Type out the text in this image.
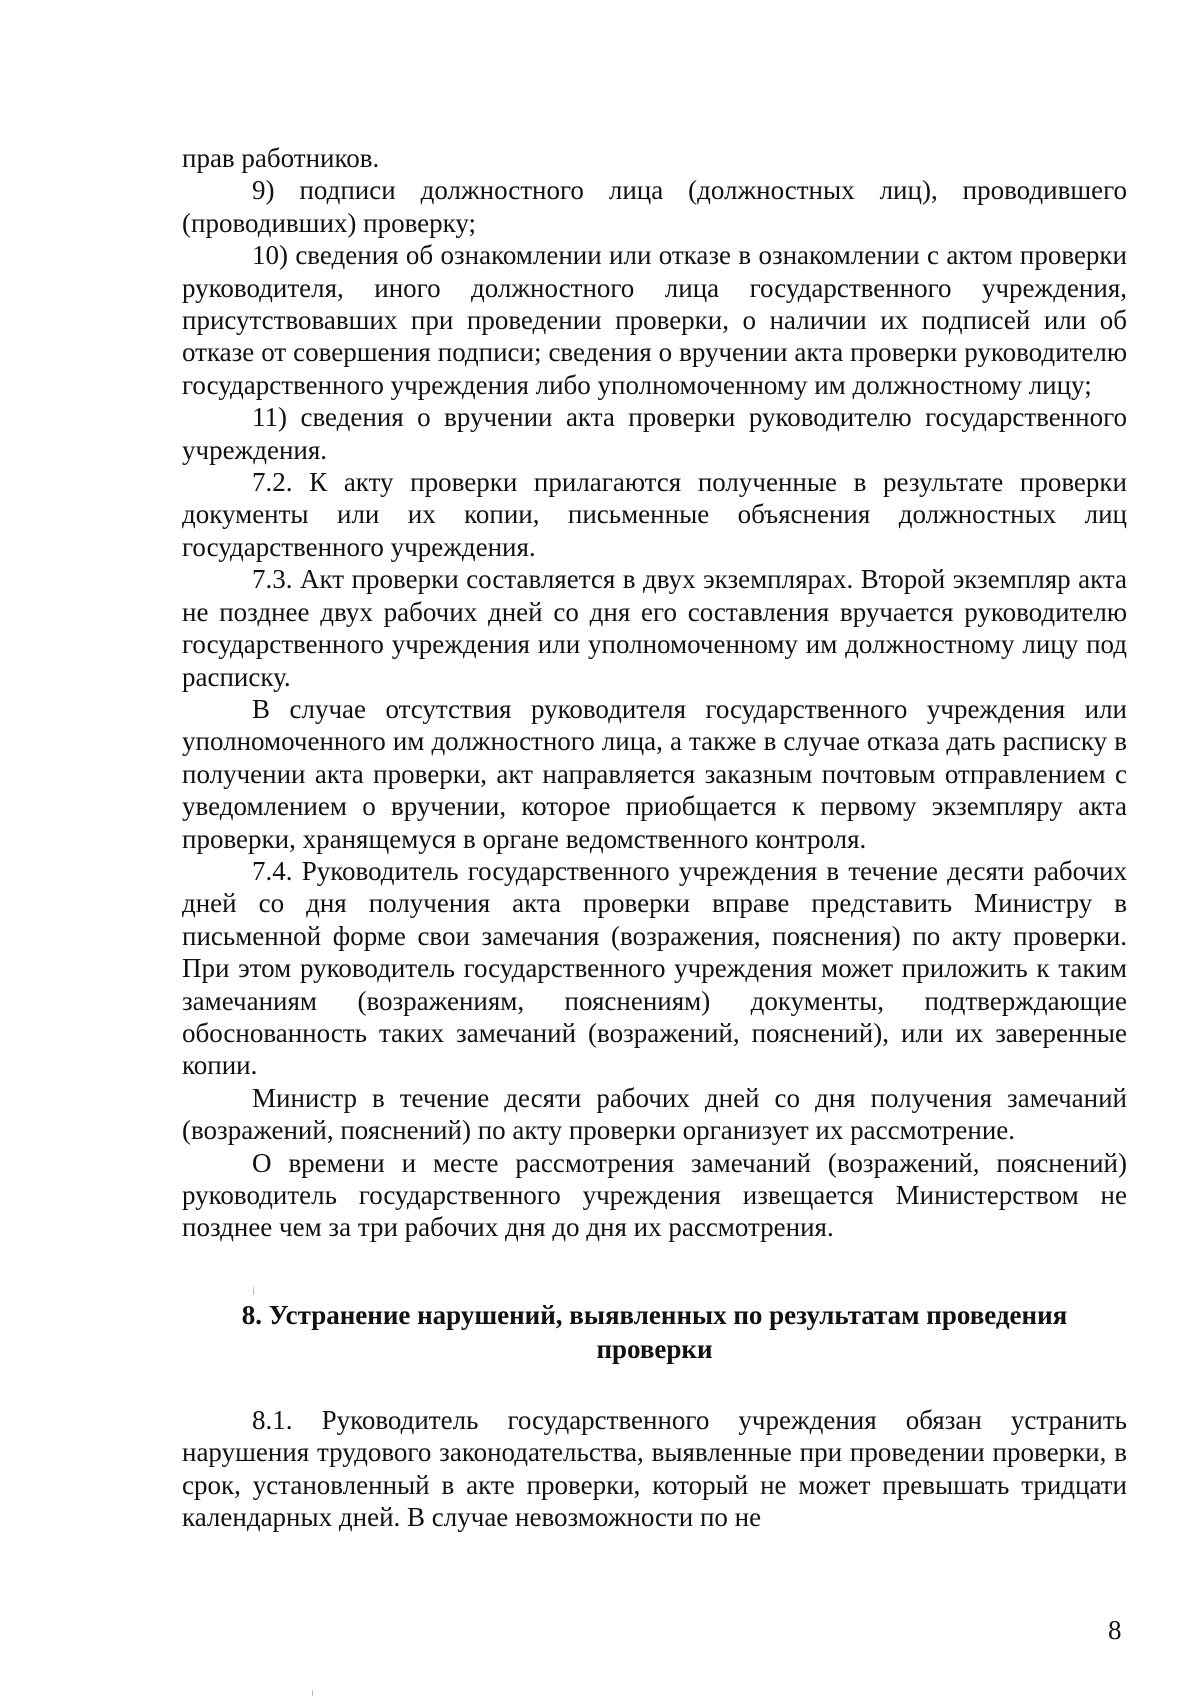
прав работников.

9) подписи должностного лица (должностных лиц), проводившего (проводивших) проверку;

10) сведения об ознакомлении или отказе в ознакомлении с актом проверки руководителя, иного должностного лица государственного учреждения, присутствовавших при проведении проверки, о наличии их подписей или об отказе от совершения подписи; сведения о вручении акта проверки руководителю государственного учреждения либо уполномоченному им должностному лицу;

11) сведения о вручении акта проверки руководителю государственного учреждения.

7.2. К акту проверки прилагаются полученные в результате проверки документы или их копии, письменные объяснения должностных лиц государственного учреждения.

7.3. Акт проверки составляется в двух экземплярах. Второй экземпляр акта не позднее двух рабочих дней со дня его составления вручается руководителю государственного учреждения или уполномоченному им должностному лицу под расписку.

В случае отсутствия руководителя государственного учреждения или уполномоченного им должностного лица, а также в случае отказа дать расписку в получении акта проверки, акт направляется заказным почтовым отправлением с уведомлением о вручении, которое приобщается к первому экземпляру акта проверки, хранящемуся в органе ведомственного контроля.

7.4. Руководитель государственного учреждения в течение десяти рабочих дней со дня получения акта проверки вправе представить Министру в письменной форме свои замечания (возражения, пояснения) по акту проверки. При этом руководитель государственного учреждения может приложить к таким замечаниям (возражениям, пояснениям) документы, подтверждающие обоснованность таких замечаний (возражений, пояснений), или их заверенные копии.

Министр в течение десяти рабочих дней со дня получения замечаний (возражений, пояснений) по акту проверки организует их рассмотрение.

О времени и месте рассмотрения замечаний (возражений, пояснений) руководитель государственного учреждения извещается Министерством не позднее чем за три рабочих дня до дня их рассмотрения.

8. Устранение нарушений, выявленных по результатам проведения
проверки

8.1. Руководитель государственного учреждения обязан устранить нарушения трудового законодательства, выявленные при проведении проверки, в срок, установленный в акте проверки, который не может превышать тридцати календарных дней. В случае невозможности по не

8
